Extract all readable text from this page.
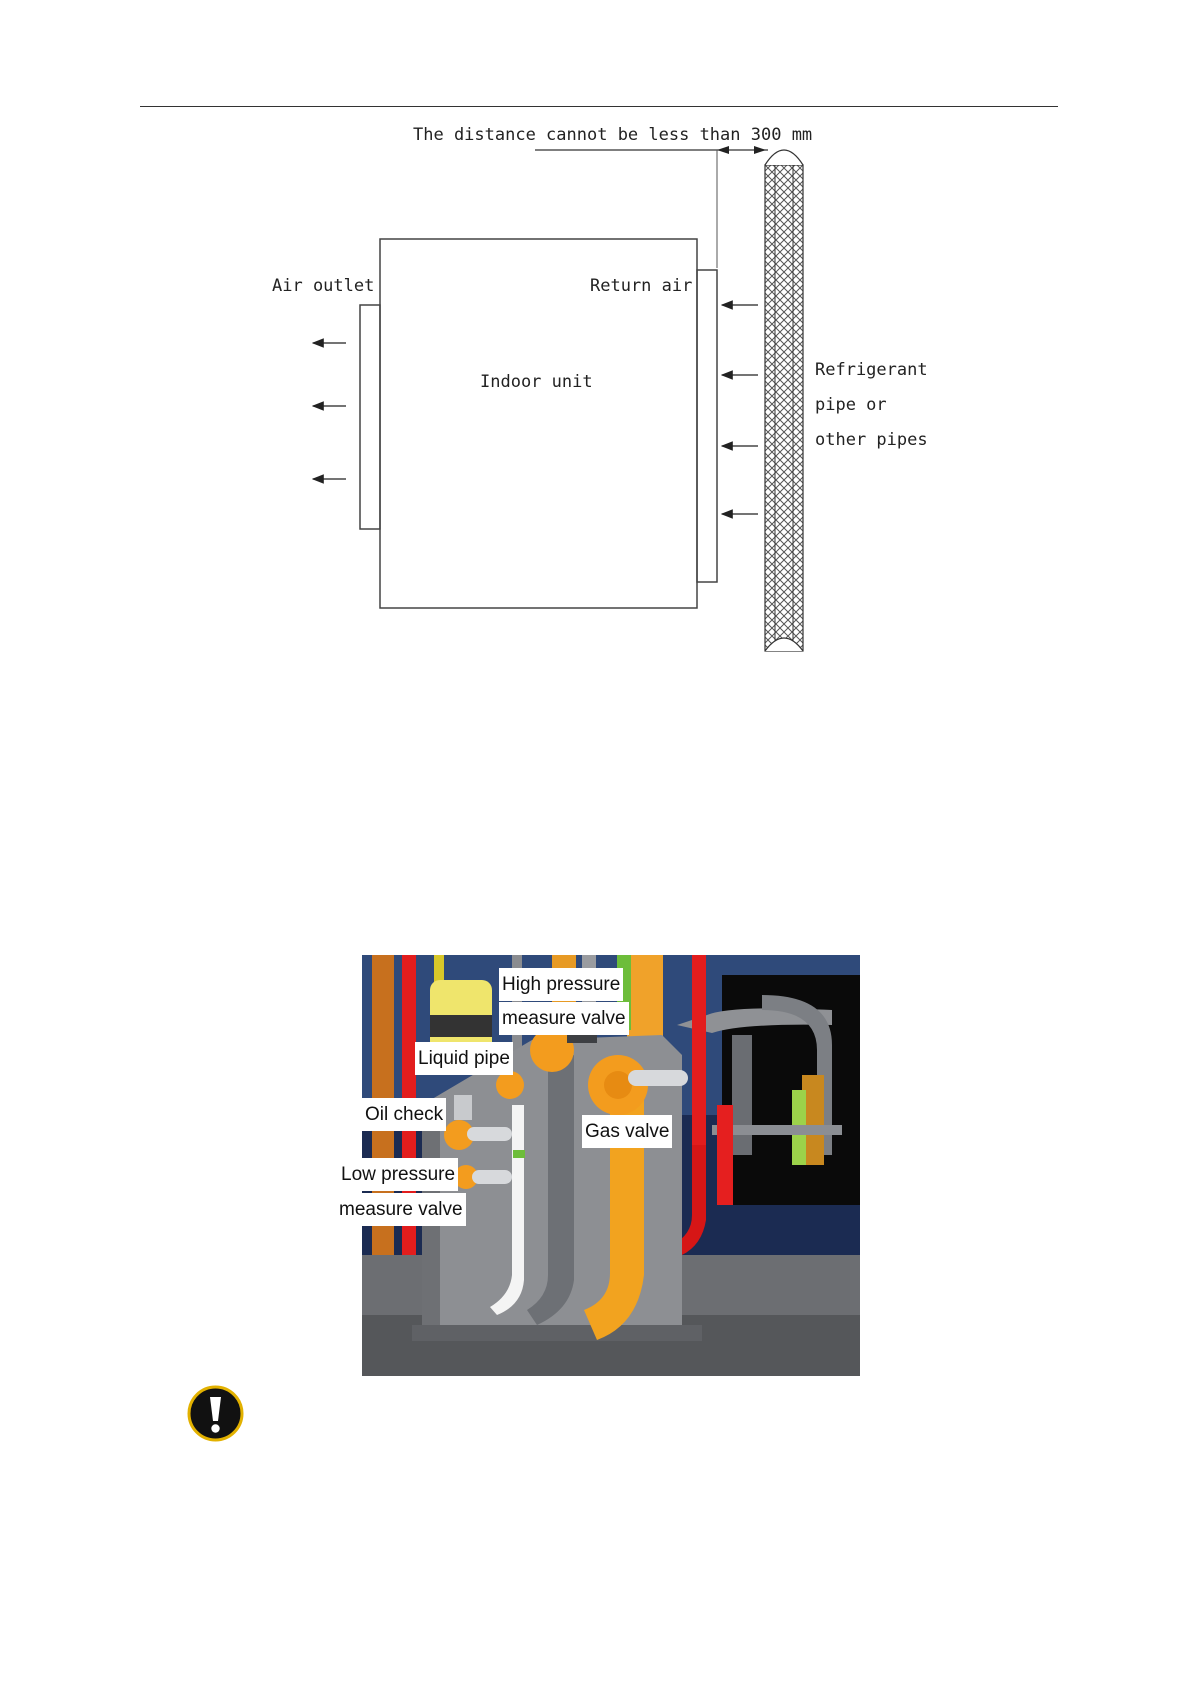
The distance cannot be less than 300 mm
Indoor unit
Air outlet	Return air
Refrigerant
pipe or
other pipes
High pressure
measure valve
Liquid pipe
Oil check
Gas valve
Low pressure
measure valve
